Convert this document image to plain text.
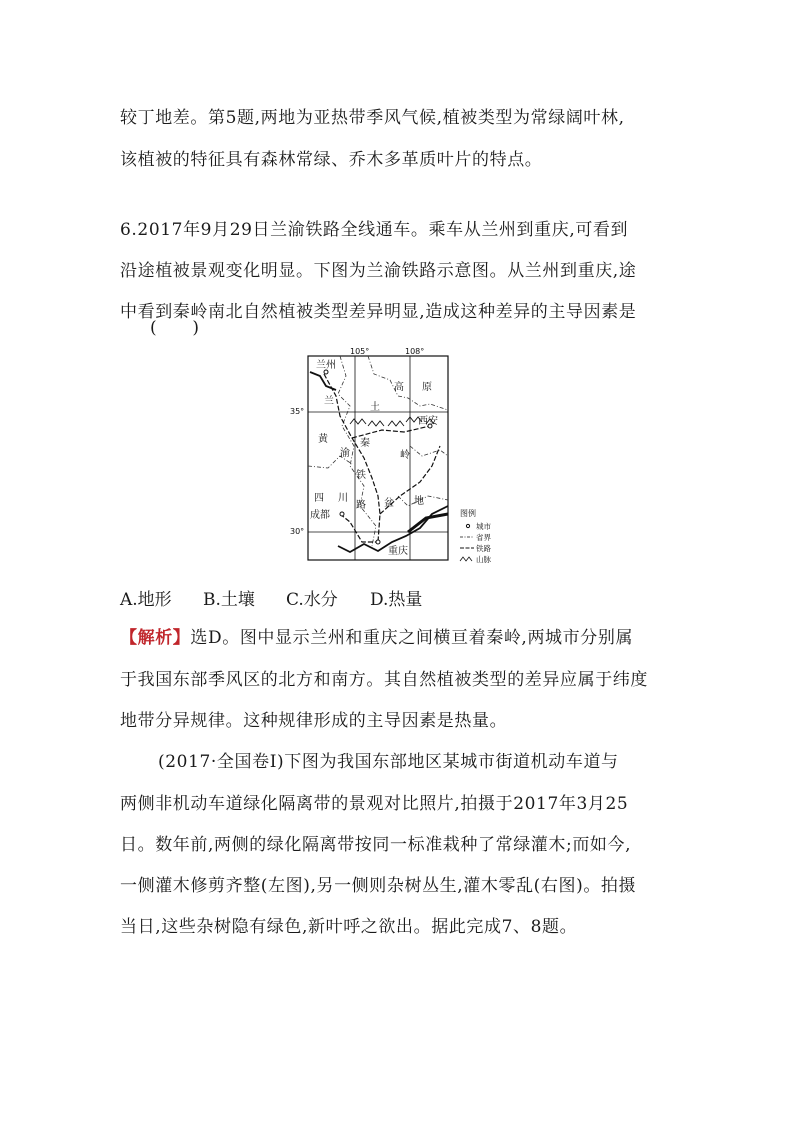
较丁地差。第5题,两地为亚热带季风气候,植被类型为常绿阔叶林,
该植被的特征具有森林常绿、乔木多革质叶片的特点。
6.2017年9月29日兰渝铁路全线通车。乘车从兰州到重庆,可看到
沿途植被景观变化明显。下图为兰渝铁路示意图。从兰州到重庆,途
中看到秦岭南北自然植被类型差异明显,造成这种差异的主导因素是
(　　)
105°	108°
35°
30°
兰州
西安
成都
重庆
原
兰
高
土
黄
渝
秦
岭
铁
路
四 川	盆 地
图例
城市
省界
铁路
山脉
A.地形 B.土壤 C.水分 D.热量
【解析】选D。图中显示兰州和重庆之间横亘着秦岭,两城市分别属
于我国东部季风区的北方和南方。其自然植被类型的差异应属于纬度
地带分异规律。这种规律形成的主导因素是热量。
(2017·全国卷Ⅰ)下图为我国东部地区某城市街道机动车道与
两侧非机动车道绿化隔离带的景观对比照片,拍摄于2017年3月25
日。数年前,两侧的绿化隔离带按同一标准栽种了常绿灌木;而如今,
一侧灌木修剪齐整(左图),另一侧则杂树丛生,灌木零乱(右图)。拍摄
当日,这些杂树隐有绿色,新叶呼之欲出。据此完成7、8题。
